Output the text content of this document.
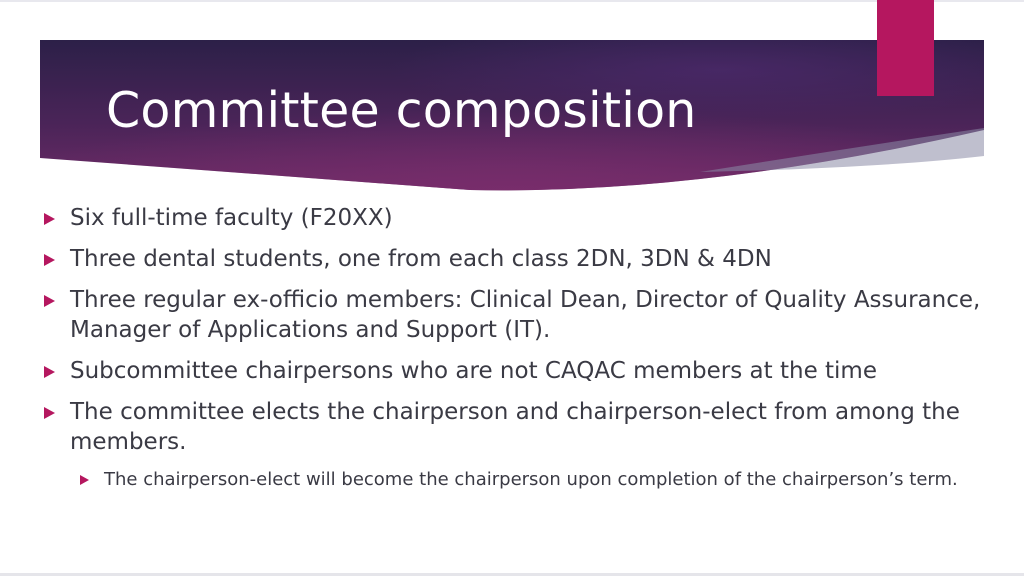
Committee composition
Six full-time faculty (F20XX)
Three dental students, one from each class 2DN, 3DN & 4DN
Three regular ex-officio members: Clinical Dean, Director of Quality Assurance, Manager of Applications and Support (IT).
Subcommittee chairpersons who are not CAQAC members at the time
The committee elects the chairperson and chairperson-elect from among the members.
The chairperson-elect will become the chairperson upon completion of the chairperson’s term.
